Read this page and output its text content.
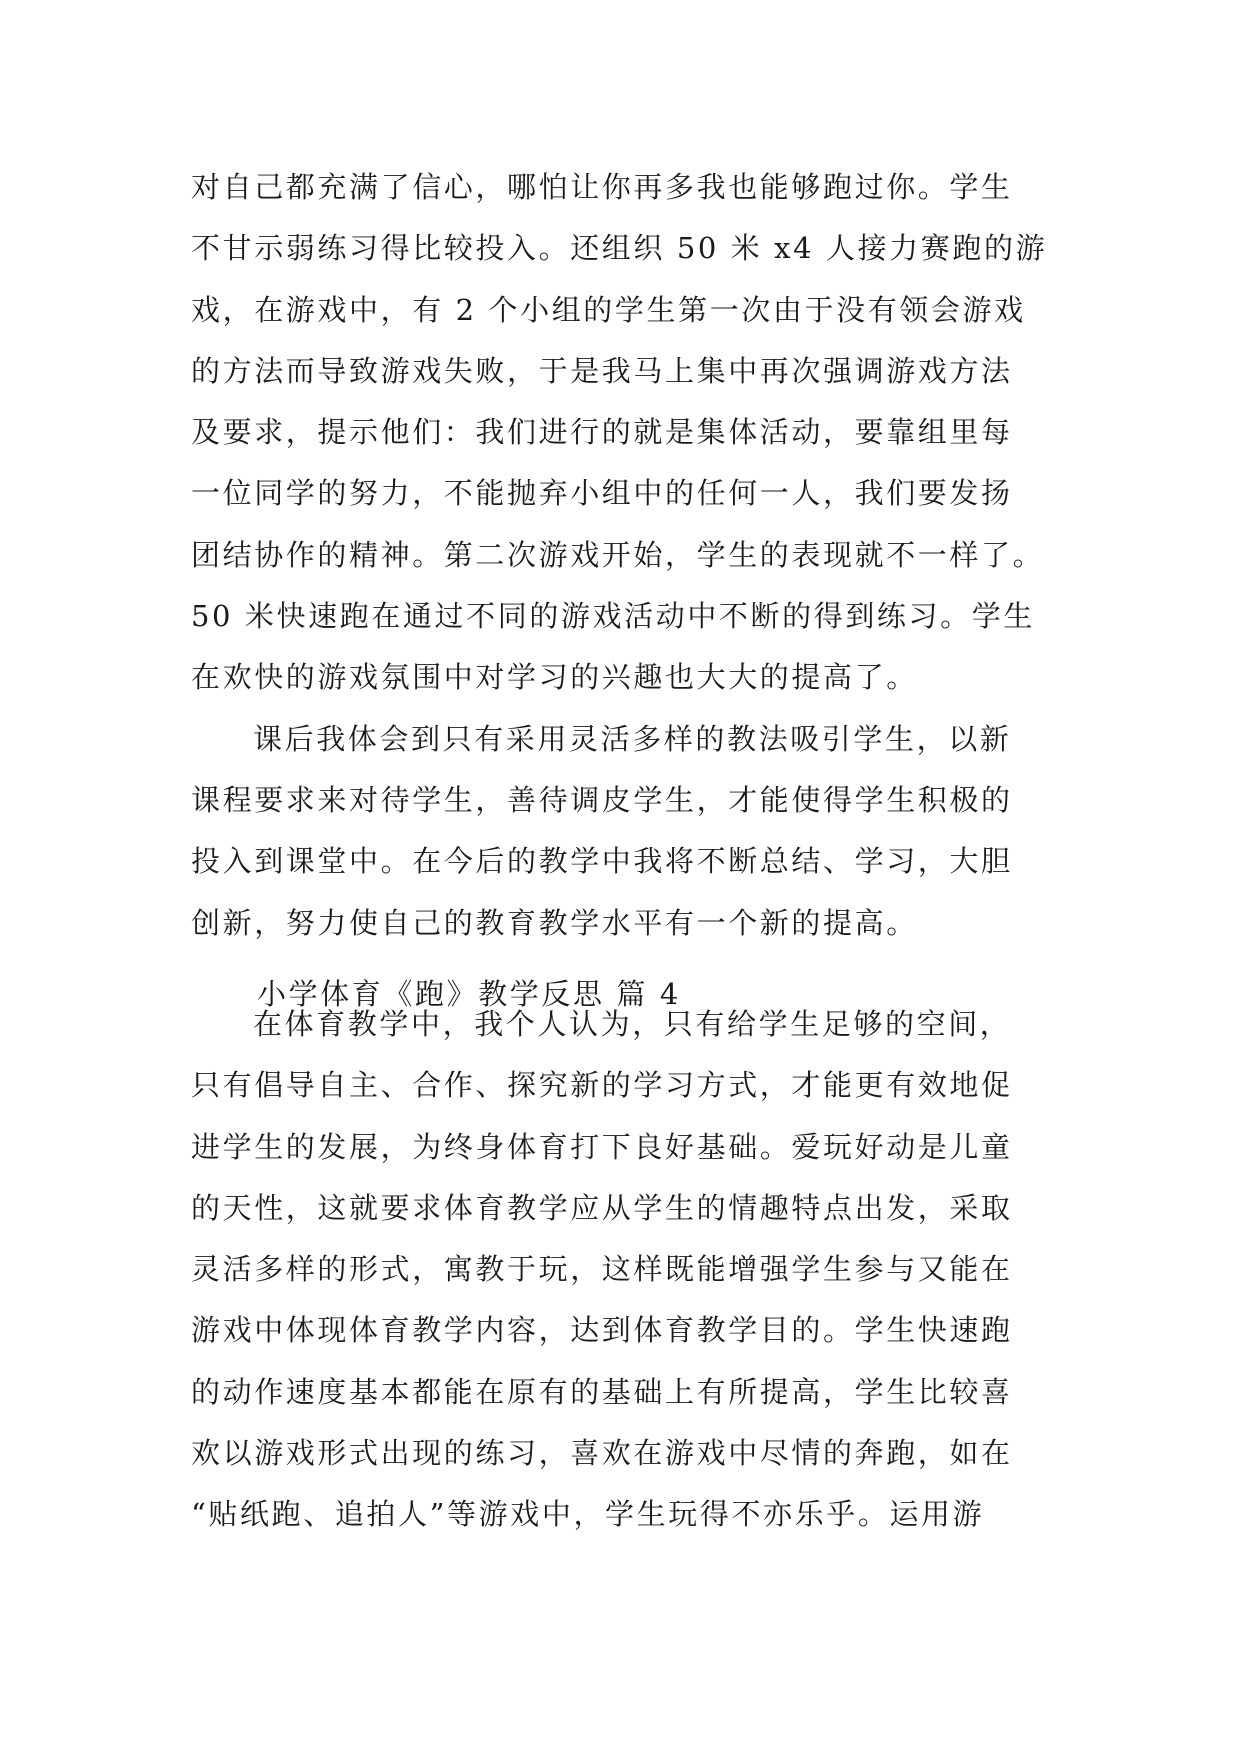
对自己都充满了信心，哪怕让你再多我也能够跑过你。学生
不甘示弱练习得比较投入。还组织 50 米 x4 人接力赛跑的游
戏，在游戏中，有 2 个小组的学生第一次由于没有领会游戏
的方法而导致游戏失败，于是我马上集中再次强调游戏方法
及要求，提示他们：我们进行的就是集体活动，要靠组里每
一位同学的努力，不能抛弃小组中的任何一人，我们要发扬
团结协作的精神。第二次游戏开始，学生的表现就不一样了。
50 米快速跑在通过不同的游戏活动中不断的得到练习。学生
在欢快的游戏氛围中对学习的兴趣也大大的提高了。
课后我体会到只有采用灵活多样的教法吸引学生，以新
课程要求来对待学生，善待调皮学生，才能使得学生积极的
投入到课堂中。在今后的教学中我将不断总结、学习，大胆
创新，努力使自己的教育教学水平有一个新的提高。
小学体育《跑》教学反思 篇 4
在体育教学中，我个人认为，只有给学生足够的空间，
只有倡导自主、合作、探究新的学习方式，才能更有效地促
进学生的发展，为终身体育打下良好基础。爱玩好动是儿童
的天性，这就要求体育教学应从学生的情趣特点出发，采取
灵活多样的形式，寓教于玩，这样既能增强学生参与又能在
游戏中体现体育教学内容，达到体育教学目的。学生快速跑
的动作速度基本都能在原有的基础上有所提高，学生比较喜
欢以游戏形式出现的练习，喜欢在游戏中尽情的奔跑，如在
“贴纸跑、追拍人”等游戏中，学生玩得不亦乐乎。运用游
